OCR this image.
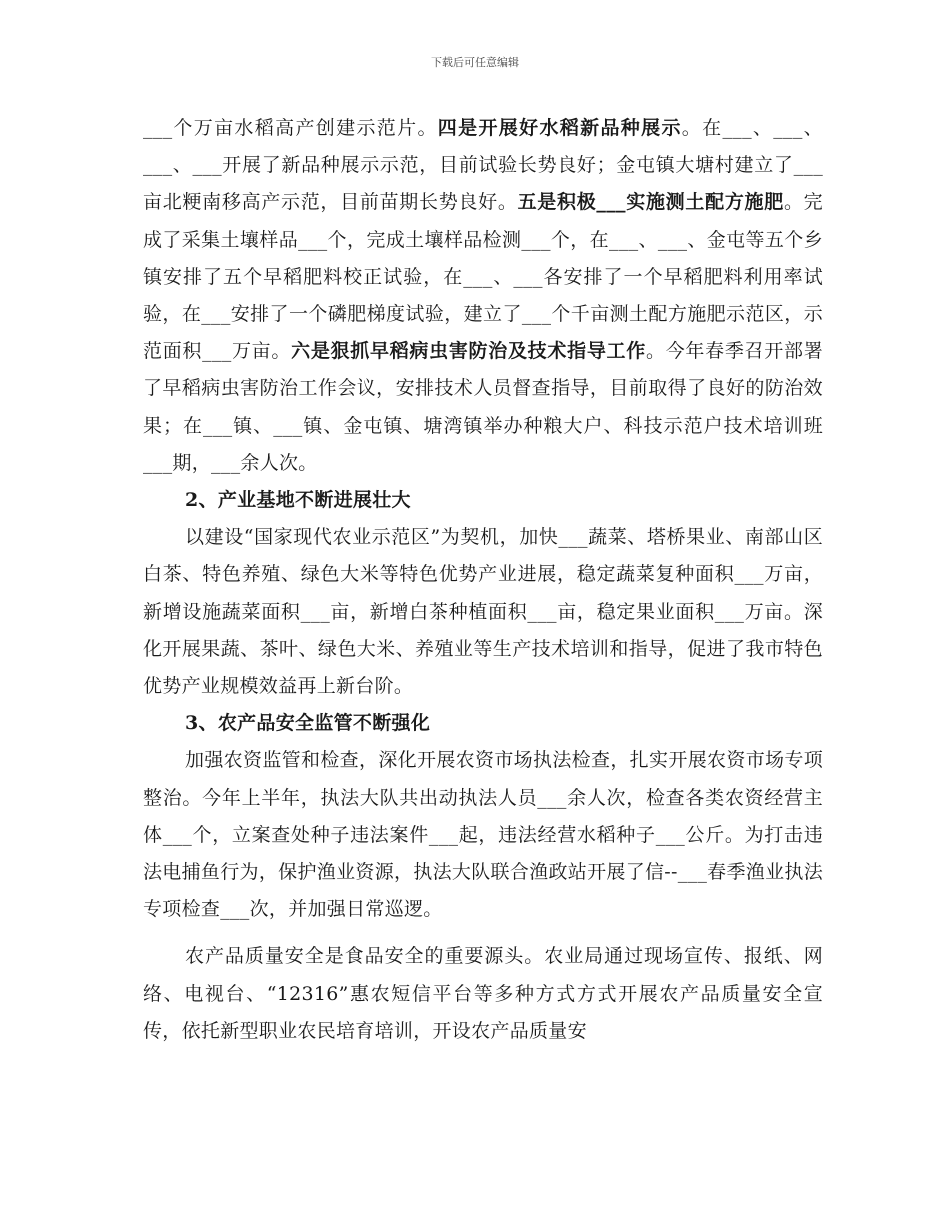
下载后可任意编辑

___个万亩水稻高产创建示范片。四是开展好水稻新品种展示。在___、___、___、___开展了新品种展示示范，目前试验长势良好；金屯镇大塘村建立了___亩北粳南移高产示范，目前苗期长势良好。五是积极___实施测土配方施肥。完成了采集土壤样品___个，完成土壤样品检测___个，在___、___、金屯等五个乡镇安排了五个早稻肥料校正试验，在___、___各安排了一个早稻肥料利用率试验，在___安排了一个磷肥梯度试验，建立了___个千亩测土配方施肥示范区，示范面积___万亩。六是狠抓早稻病虫害防治及技术指导工作。今年春季召开部署了早稻病虫害防治工作会议，安排技术人员督查指导，目前取得了良好的防治效果；在___镇、___镇、金屯镇、塘湾镇举办种粮大户、科技示范户技术培训班___期，___余人次。

2、产业基地不断进展壮大

以建设“国家现代农业示范区”为契机，加快___蔬菜、塔桥果业、南部山区白茶、特色养殖、绿色大米等特色优势产业进展，稳定蔬菜复种面积___万亩，新增设施蔬菜面积___亩，新增白茶种植面积___亩，稳定果业面积___万亩。深化开展果蔬、茶叶、绿色大米、养殖业等生产技术培训和指导，促进了我市特色优势产业规模效益再上新台阶。

3、农产品安全监管不断强化

加强农资监管和检查，深化开展农资市场执法检查，扎实开展农资市场专项整治。今年上半年，执法大队共出动执法人员___余人次，检查各类农资经营主体___个，立案查处种子违法案件___起，违法经营水稻种子___公斤。为打击违法电捕鱼行为，保护渔业资源，执法大队联合渔政站开展了信--___春季渔业执法专项检查___次，并加强日常巡逻。

农产品质量安全是食品安全的重要源头。农业局通过现场宣传、报纸、网络、电视台、“12316”惠农短信平台等多种方式方式开展农产品质量安全宣传，依托新型职业农民培育培训，开设农产品质量安
